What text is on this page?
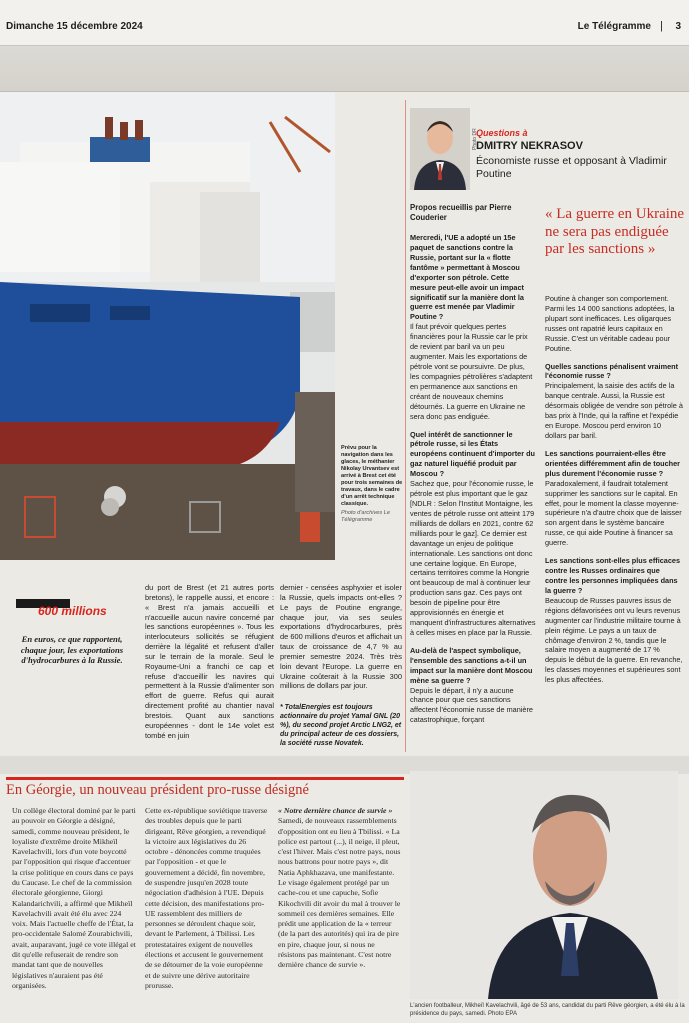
Dimanche 15 décembre 2024	Le Télégramme | 3
Prévu pour la navigation dans les glaces, le méthanier Nikolay Urvantsev est arrivé à Brest cet été pour trois semaines de travaux, dans le cadre d'un arrêt technique classique.
Photo d'archives Le Télégramme
600 millions
En euros, ce que rapportent, chaque jour, les exportations d'hydrocarbures à la Russie.
du port de Brest (et 21 autres ports bretons), le rappelle aussi, et encore : « Brest n'a jamais accueilli et n'accueille aucun navire concerné par les sanctions européennes ». Tous les interlocuteurs sollicités se réfugient derrière la légalité et refusent d'aller sur le terrain de la morale. Seul le Royaume-Uni a franchi ce cap et refuse d'accueillir les navires qui permettent à la Russie d'alimenter son effort de guerre. Refus qui aurait directement profité au chantier naval brestois. Quant aux sanctions européennes - dont le 14e volet est tombé en juin
dernier - censées asphyxier et isoler la Russie, quels impacts ont-elles ? Le pays de Poutine engrange, chaque jour, via ses seules exportations d'hydrocarbures, près de 600 millions d'euros et affichait un taux de croissance de 4,7 % au premier semestre 2024. Très très loin devant l'Europe. La guerre en Ukraine coûterait à la Russie 300 millions de dollars par jour.
* TotalEnergies est toujours actionnaire du projet Yamal GNL (20 %), du second projet Arctic LNG2, et du principal acteur de ces dossiers, la société russe Novatek.
Photo DR
Questions à
DMITRY NEKRASOV
Économiste russe et opposant à Vladimir Poutine
Propos recueillis par Pierre Couderier	« La guerre en Ukraine ne sera pas endiguée par les sanctions »

Mercredi, l'UE a adopté un 15e paquet de sanctions contre la Russie, portant sur la « flotte fantôme » permettant à Moscou d'exporter son pétrole. Cette mesure peut-elle avoir un impact significatif sur la manière dont la guerre est menée par Vladimir Poutine ?
Il faut prévoir quelques pertes financières pour la Russie car le prix de revient par baril va un peu augmenter. Mais les exportations de pétrole vont se poursuivre. De plus, les compagnies pétrolières s'adaptent en permanence aux sanctions en créant de nouveaux chemins détournés. La guerre en Ukraine ne sera donc pas endiguée.

Quel intérêt de sanctionner le pétrole russe, si les États européens continuent d'importer du gaz naturel liquéfié produit par Moscou ?
Sachez que, pour l'économie russe, le pétrole est plus important que le gaz [NDLR : Selon l'Institut Montaigne, les ventes de pétrole russe ont atteint 179 milliards de dollars en 2021, contre 62 milliards pour le gaz]. Ce dernier est davantage un enjeu de politique internationale. Les sanctions ont donc une certaine logique. En Europe, certains territoires comme la Hongrie ont beaucoup de mal à continuer leur production sans gaz. Ces pays ont besoin de pipeline pour être approvisionnés en énergie et manquent d'infrastructures alternatives à celles mises en place par la Russie.

Au-delà de l'aspect symbolique, l'ensemble des sanctions a-t-il un impact sur la manière dont Moscou mène sa guerre ?
Depuis le départ, il n'y a aucune chance pour que ces sanctions affectent l'économie russe de manière catastrophique, forçant

Poutine à changer son comportement. Parmi les 14 000 sanctions adoptées, la plupart sont inefficaces. Les oligarques russes ont rapatrié leurs capitaux en Russie. C'est un véritable cadeau pour Poutine.

Quelles sanctions pénalisent vraiment l'économie russe ?
Principalement, la saisie des actifs de la banque centrale. Aussi, la Russie est désormais obligée de vendre son pétrole à bas prix à l'Inde, qui la raffine et l'expédie en Europe. Moscou perd environ 10 dollars par baril.

Les sanctions pourraient-elles être orientées différemment afin de toucher plus durement l'économie russe ?
Paradoxalement, il faudrait totalement supprimer les sanctions sur le capital. En effet, pour le moment la classe moyenne-supérieure n'a d'autre choix que de laisser son argent dans le système bancaire russe, ce qui aide Poutine à financer sa guerre.

Les sanctions sont-elles plus efficaces contre les Russes ordinaires que contre les personnes impliquées dans la guerre ?
Beaucoup de Russes pauvres issus de régions défavorisées ont vu leurs revenus augmenter car l'industrie militaire tourne à plein régime. Le pays a un taux de chômage d'environ 2 %, tandis que le salaire moyen a augmenté de 17 % depuis le début de la guerre. En revanche, les classes moyennes et supérieures sont les plus affectées.

En Géorgie, un nouveau président pro-russe désigné
Un collège électoral dominé par le parti au pouvoir en Géorgie a désigné, samedi, comme nouveau président, le loyaliste d'extrême droite Mikheïl Kavelachvili, lors d'un vote boycotté par l'opposition qui risque d'accentuer la crise politique en cours dans ce pays du Caucase. Le chef de la commission électorale géorgienne, Giorgi Kalandarichvili, a affirmé que Mikheïl Kavelachvili avait été élu avec 224 voix. Mais l'actuelle cheffe de l'État, la pro-occidentale Salomé Zourabichvili, avait, auparavant, jugé ce vote illégal et dit qu'elle refuserait de rendre son mandat tant que de nouvelles législatives n'auraient pas été organisées.
Cette ex-république soviétique traverse des troubles depuis que le parti dirigeant, Rêve géorgien, a revendiqué la victoire aux législatives du 26 octobre - dénoncées comme truquées par l'opposition - et que le gouvernement a décidé, fin novembre, de suspendre jusqu'en 2028 toute négociation d'adhésion à l'UE. Depuis cette décision, des manifestations pro-UE rassemblent des milliers de personnes se déroulent chaque soir, devant le Parlement, à Tbilissi. Les protestataires exigent de nouvelles élections et accusent le gouvernement de se détourner de la voie européenne et de suivre une dérive autoritaire prorusse.
« Notre dernière chance de survie »
Samedi, de nouveaux rassemblements d'opposition ont eu lieu à Tbilissi. « La police est partout (...), il neige, il pleut, c'est l'hiver. Mais c'est notre pays, nous nous battrons pour notre pays », dit Natia Aphkhazava, une manifestante. Le visage également protégé par un cache-cou et une capuche, Sofie Kikochvili dit avoir du mal à trouver le sommeil ces dernières semaines. Elle prédit une application de la « terreur (de la part des autorités) qui ira de pire en pire, chaque jour, si nous ne résistons pas maintenant. C'est notre dernière chance de survie ».
L'ancien footballeur, Mikheïl Kavelachvili, âgé de 53 ans, candidat du parti Rêve géorgien, a été élu à la présidence du pays, samedi. Photo EPA
